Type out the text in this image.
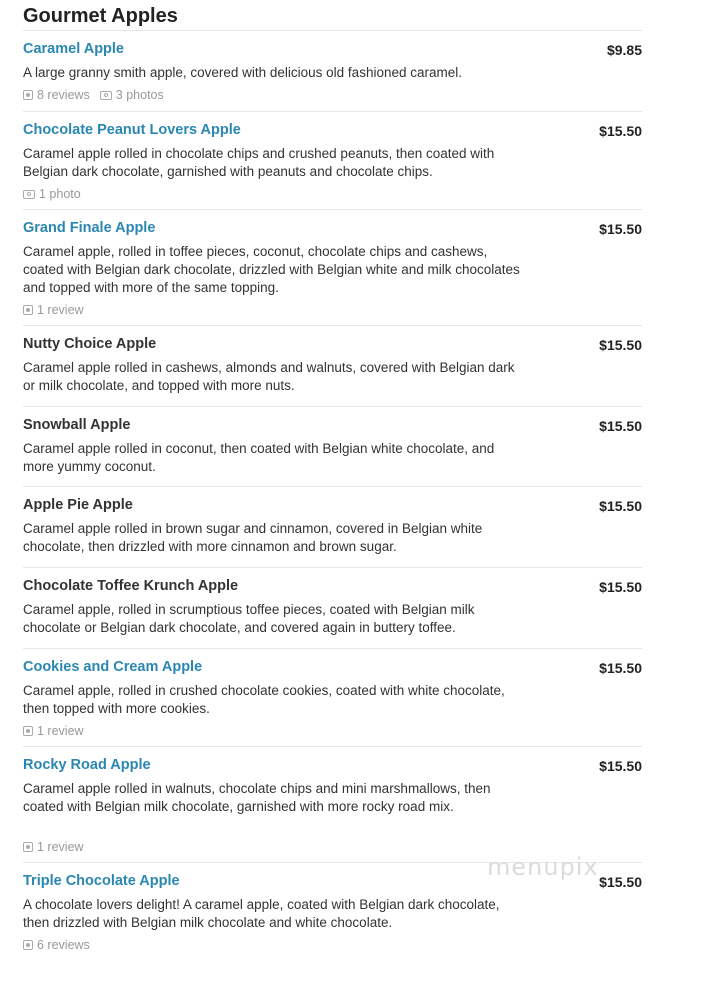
Gourmet Apples
Caramel Apple	$9.85
A large granny smith apple, covered with delicious old fashioned caramel.
8 reviews 3 photos
Chocolate Peanut Lovers Apple	$15.50
Caramel apple rolled in chocolate chips and crushed peanuts, then coated with Belgian dark chocolate, garnished with peanuts and chocolate chips.
1 photo
Grand Finale Apple	$15.50
Caramel apple, rolled in toffee pieces, coconut, chocolate chips and cashews, coated with Belgian dark chocolate, drizzled with Belgian white and milk chocolates and topped with more of the same topping.
1 review
Nutty Choice Apple	$15.50
Caramel apple rolled in cashews, almonds and walnuts, covered with Belgian dark or milk chocolate, and topped with more nuts.
Snowball Apple	$15.50
Caramel apple rolled in coconut, then coated with Belgian white chocolate, and more yummy coconut.
Apple Pie Apple	$15.50
Caramel apple rolled in brown sugar and cinnamon, covered in Belgian white chocolate, then drizzled with more cinnamon and brown sugar.
Chocolate Toffee Krunch Apple	$15.50
Caramel apple, rolled in scrumptious toffee pieces, coated with Belgian milk chocolate or Belgian dark chocolate, and covered again in buttery toffee.
Cookies and Cream Apple	$15.50
Caramel apple, rolled in crushed chocolate cookies, coated with white chocolate, then topped with more cookies.
1 review
Rocky Road Apple	$15.50
Caramel apple rolled in walnuts, chocolate chips and mini marshmallows, then coated with Belgian milk chocolate, garnished with more rocky road mix.
1 review
Triple Chocolate Apple	$15.50
A chocolate lovers delight! A caramel apple, coated with Belgian dark chocolate, then drizzled with Belgian milk chocolate and white chocolate.
6 reviews
menupix
